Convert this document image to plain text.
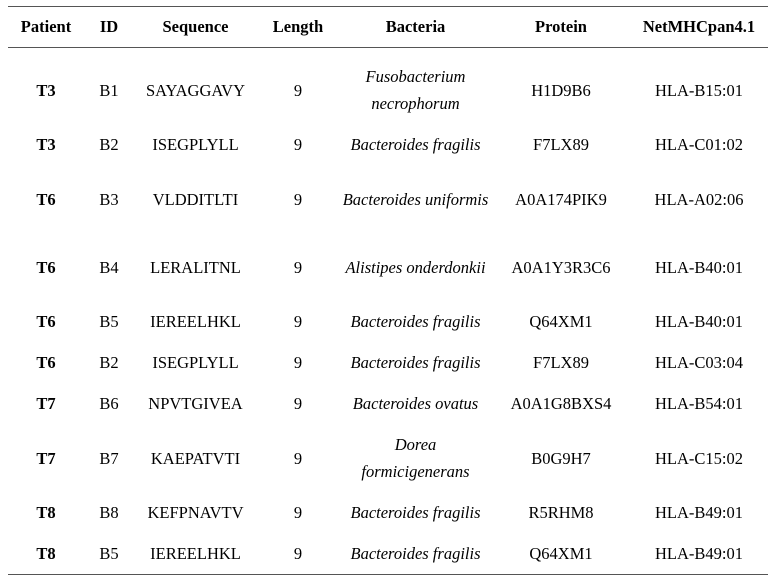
Patient	ID	Sequence	Length	Bacteria	Protein	NetMHCpan4.1
T3	B1	SAYAGGAVY	9	Fusobacterium necrophorum	H1D9B6	HLA-B15:01
T3	B2	ISEGPLYLL	9	Bacteroides fragilis	F7LX89	HLA-C01:02
T6	B3	VLDDITLTI	9	Bacteroides uniformis	A0A174PIK9	HLA-A02:06
T6	B4	LERALITNL	9	Alistipes onderdonkii	A0A1Y3R3C6	HLA-B40:01
T6	B5	IEREELHKL	9	Bacteroides fragilis	Q64XM1	HLA-B40:01
T6	B2	ISEGPLYLL	9	Bacteroides fragilis	F7LX89	HLA-C03:04
T7	B6	NPVTGIVEA	9	Bacteroides ovatus	A0A1G8BXS4	HLA-B54:01
T7	B7	KAEPATVTI	9	Dorea formicigenerans	B0G9H7	HLA-C15:02
T8	B8	KEFPNAVTV	9	Bacteroides fragilis	R5RHM8	HLA-B49:01
T8	B5	IEREELHKL	9	Bacteroides fragilis	Q64XM1	HLA-B49:01
